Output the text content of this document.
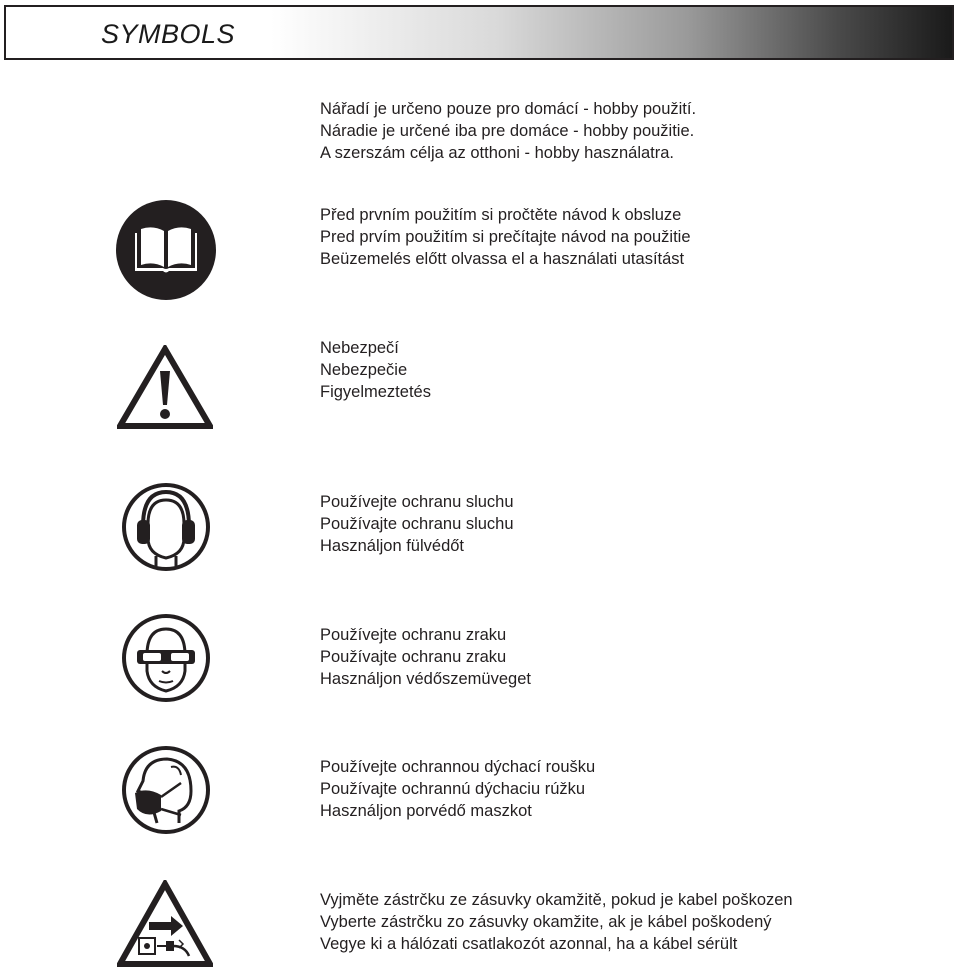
SYMBOLS
Nářadí je určeno pouze pro domácí - hobby použití.
Náradie je určené iba pre domáce - hobby použitie.
A szerszám célja az otthoni - hobby használatra.
Před prvním použitím si pročtěte návod k obsluze
Pred prvím použitím si prečítajte návod na použitie
Beüzemelés előtt olvassa el a használati utasítást
Nebezpečí
Nebezpečie
Figyelmeztetés
Používejte ochranu sluchu
Používajte ochranu sluchu
Használjon fülvédőt
Používejte ochranu zraku
Používajte ochranu zraku
Használjon védőszemüveget
Používejte ochrannou dýchací roušku
Používajte ochrannú dýchaciu rúžku
Használjon porvédő maszkot
Vyjměte zástrčku ze zásuvky okamžitě, pokud je kabel poškozen
Vyberte zástrčku zo zásuvky okamžite, ak je kábel poškodený
Vegye ki a hálózati csatlakozót azonnal, ha a kábel sérült
